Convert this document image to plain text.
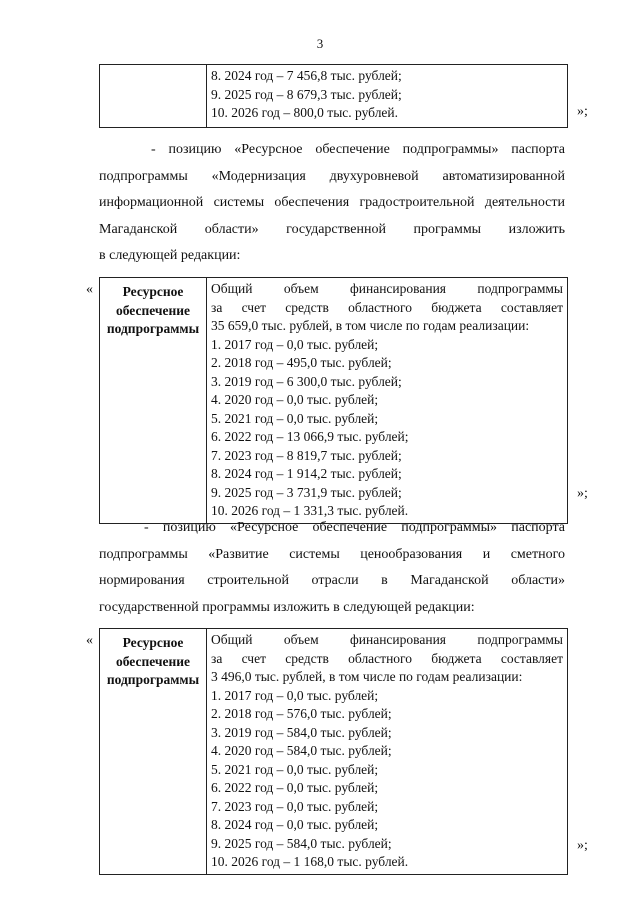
3

8. 2024 год – 7 456,8 тыс. рублей;
9. 2025 год – 8 679,3 тыс. рублей;
10. 2026 год – 800,0 тыс. рублей.	»;
- позицию «Ресурсное обеспечение подпрограммы» паспорта
подпрограммы «Модернизация двухуровневой автоматизированной
информационной системы обеспечения градостроительной деятельности
Магаданской области» государственной программы изложить
в следующей редакции:
«	Ресурсное
обеспечение
подпрограммы

Общий объем финансирования подпрограммы
за счет средств областного бюджета составляет
35 659,0 тыс. рублей, в том числе по годам реализации:
1. 2017 год – 0,0 тыс. рублей;
2. 2018 год – 495,0 тыс. рублей;
3. 2019 год – 6 300,0 тыс. рублей;
4. 2020 год – 0,0 тыс. рублей;
5. 2021 год – 0,0 тыс. рублей;
6. 2022 год – 13 066,9 тыс. рублей;
7. 2023 год – 8 819,7 тыс. рублей;
8. 2024 год – 1 914,2 тыс. рублей;
9. 2025 год – 3 731,9 тыс. рублей;
10. 2026 год – 1 331,3 тыс. рублей.
»;
- позицию «Ресурсное обеспечение подпрограммы» паспорта
подпрограммы «Развитие системы ценообразования и сметного
нормирования строительной отрасли в Магаданской области»
государственной программы изложить в следующей редакции:
«	Ресурсное
обеспечение
подпрограммы

Общий объем финансирования подпрограммы
за счет средств областного бюджета составляет
3 496,0 тыс. рублей, в том числе по годам реализации:
1. 2017 год – 0,0 тыс. рублей;
2. 2018 год – 576,0 тыс. рублей;
3. 2019 год – 584,0 тыс. рублей;
4. 2020 год – 584,0 тыс. рублей;
5. 2021 год – 0,0 тыс. рублей;
6. 2022 год – 0,0 тыс. рублей;
7. 2023 год – 0,0 тыс. рублей;
8. 2024 год – 0,0 тыс. рублей;
9. 2025 год – 584,0 тыс. рублей;
10. 2026 год – 1 168,0 тыс. рублей.
»;
